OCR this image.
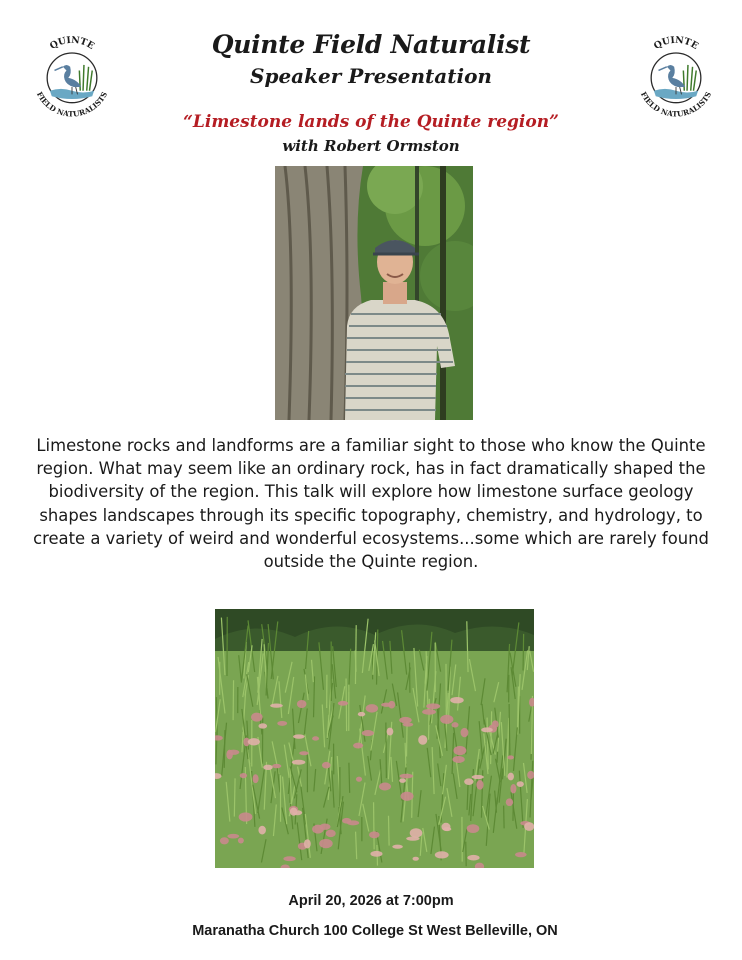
QUINTE
FIELD NATURALISTS
QUINTE
FIELD NATURALISTS
Quinte Field Naturalist
Speaker Presentation
“Limestone lands of the Quinte region”
with Robert Ormston
Limestone rocks and landforms are a familiar sight to those who know the Quinte region. What may seem like an ordinary rock, has in fact dramatically shaped the biodiversity of the region. This talk will explore how limestone surface geology shapes landscapes through its specific topography, chemistry, and hydrology, to create a variety of weird and wonderful ecosystems...some which are rarely found outside the Quinte region.
April 20, 2026 at 7:00pm
Maranatha Church 100 College St West Belleville, ON
